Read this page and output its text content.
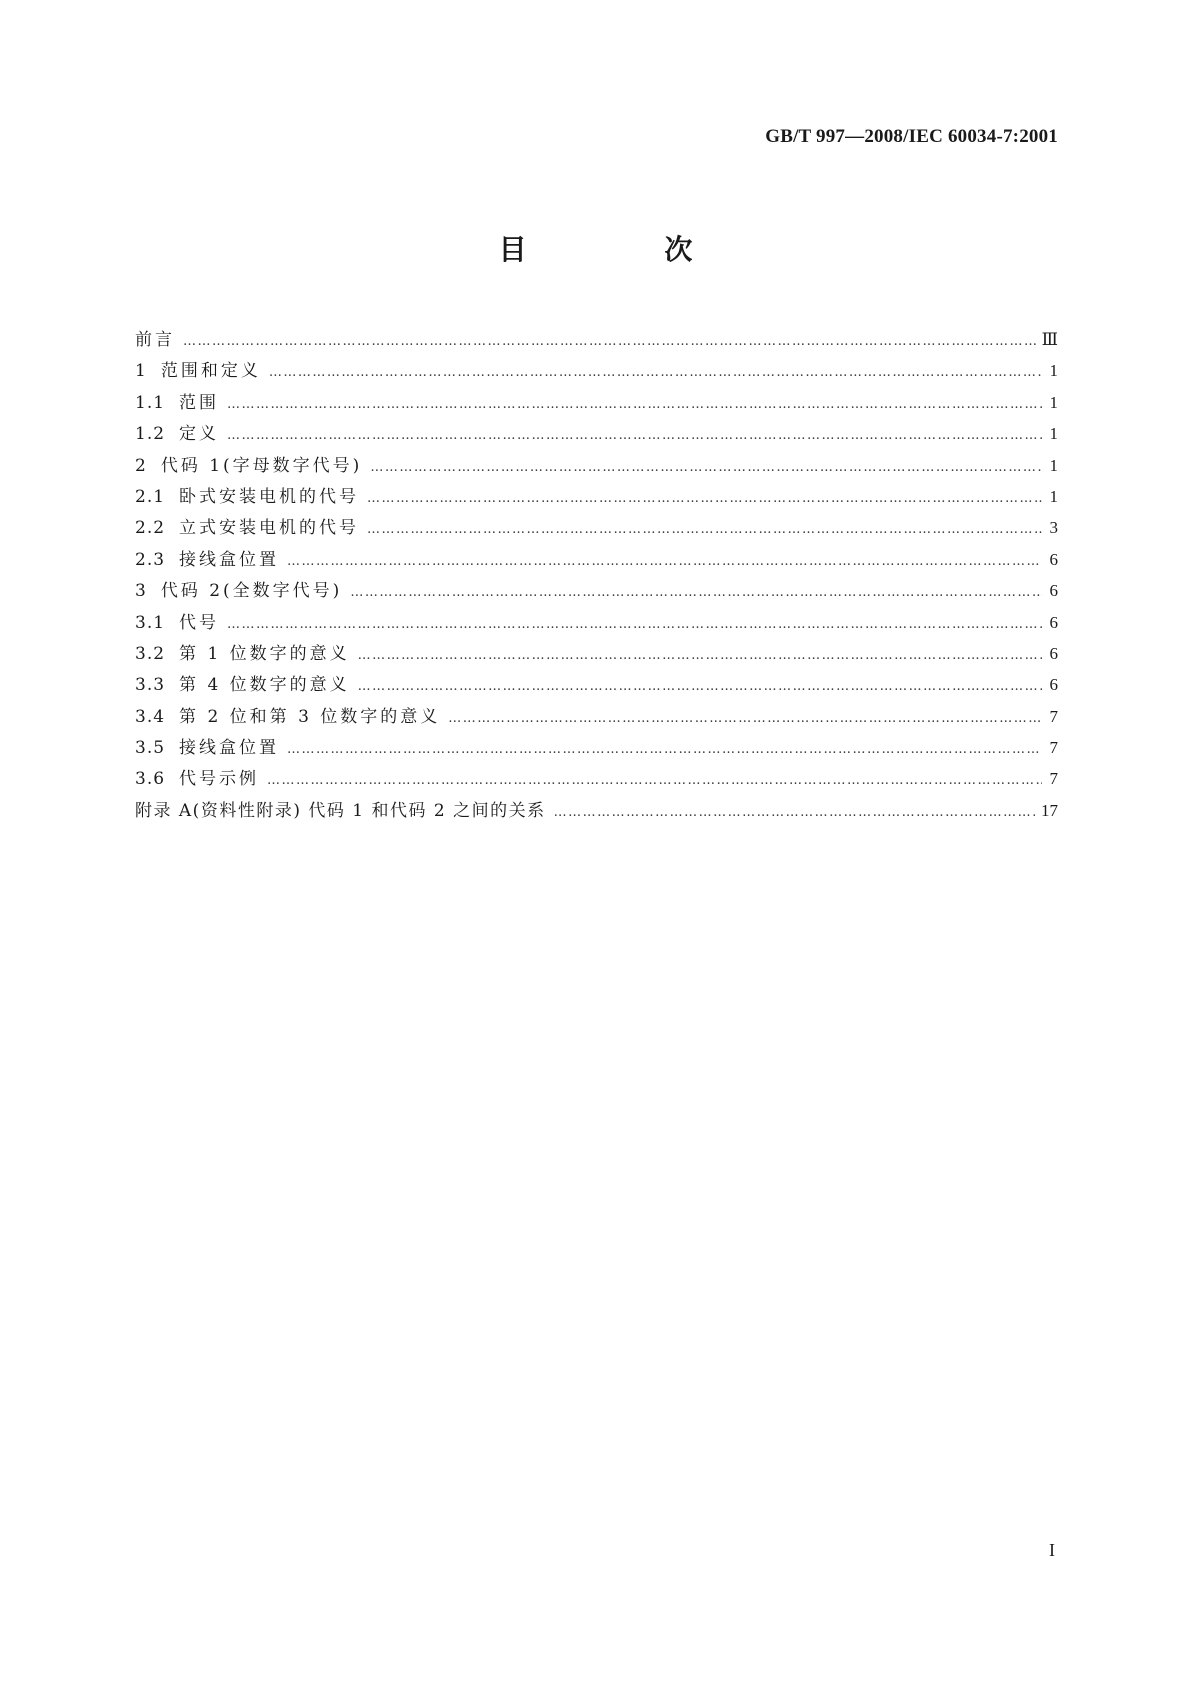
GB/T 997—2008/IEC 60034-7:2001
目 次
前言 ………………………………………………………………………………………………………………………………………………………………………………	Ⅲ
1 范围和定义 ………………………………………………………………………………………………………………………………………………………………………………	1
1.1 范围 ………………………………………………………………………………………………………………………………………………………………………………	1
1.2 定义 ………………………………………………………………………………………………………………………………………………………………………………	1
2 代码 1(字母数字代号) ………………………………………………………………………………………………………………………………………………………………………………	1
2.1 卧式安装电机的代号 ………………………………………………………………………………………………………………………………………………………………………………	1
2.2 立式安装电机的代号 ………………………………………………………………………………………………………………………………………………………………………………	3
2.3 接线盒位置 ………………………………………………………………………………………………………………………………………………………………………………	6
3 代码 2(全数字代号) ………………………………………………………………………………………………………………………………………………………………………………	6
3.1 代号 ………………………………………………………………………………………………………………………………………………………………………………	6
3.2 第 1 位数字的意义 ………………………………………………………………………………………………………………………………………………………………………………	6
3.3 第 4 位数字的意义 ………………………………………………………………………………………………………………………………………………………………………………	6
3.4 第 2 位和第 3 位数字的意义 ………………………………………………………………………………………………………………………………………………………………………………	7
3.5 接线盒位置 ………………………………………………………………………………………………………………………………………………………………………………	7
3.6 代号示例 ………………………………………………………………………………………………………………………………………………………………………………	7
附录 A(资料性附录) 代码 1 和代码 2 之间的关系 ………………………………………………………………………………………………………………………………………………………………………………	17
I
